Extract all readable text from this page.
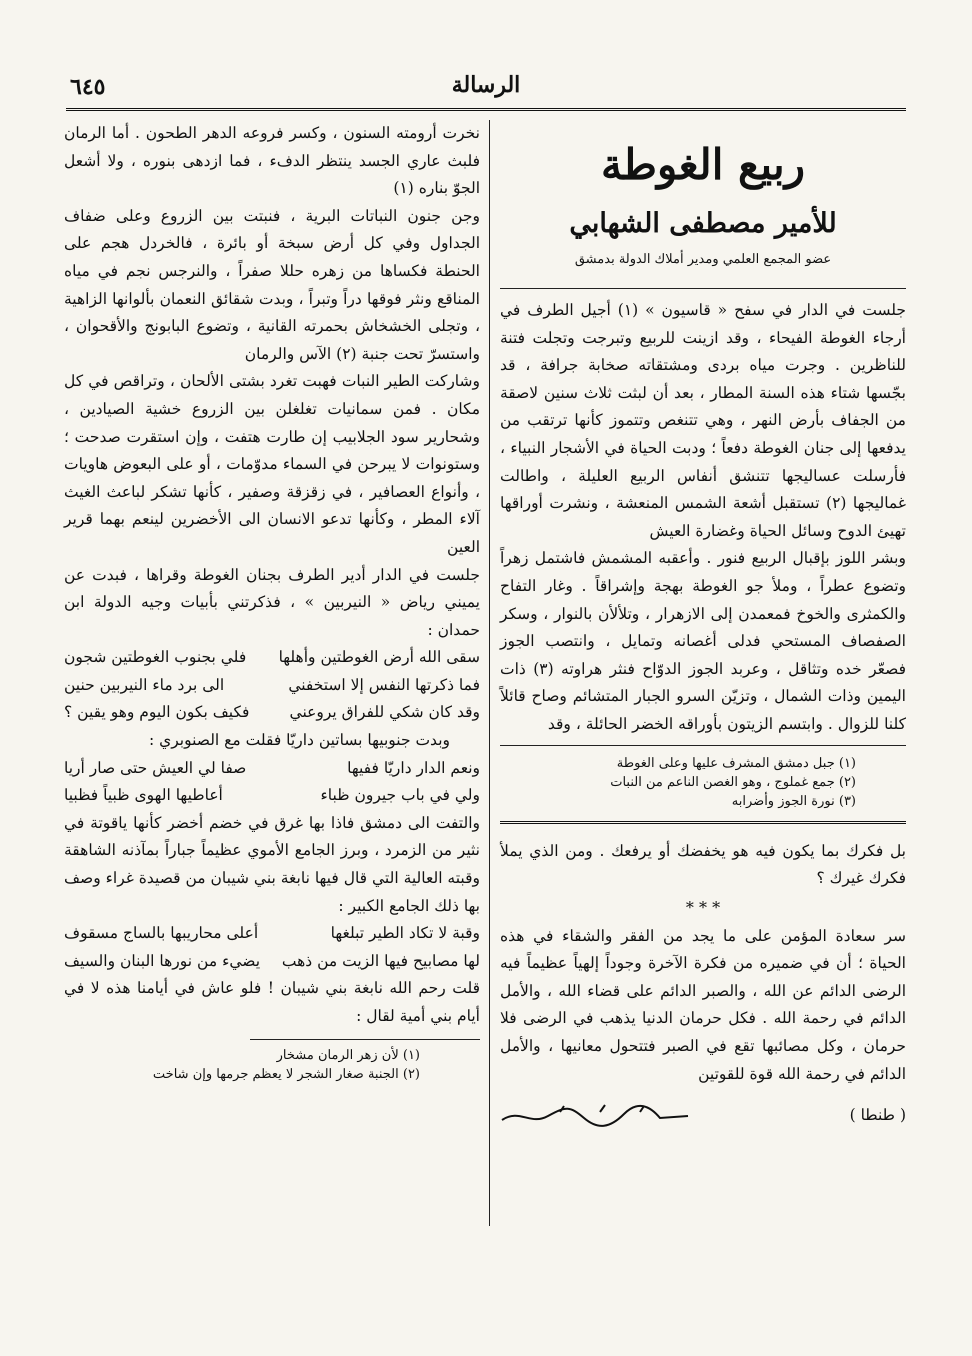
الرسالة
٦٤٥
ربيع الغوطة
للأمير مصطفى الشهابي
عضو المجمع العلمي ومدير أملاك الدولة بدمشق

جلست في الدار في سفح « قاسيون » (١) أجيل الطرف في أرجاء الغوطة الفيحاء ، وقد ازينت للربيع وتبرجت وتجلت فتنة للناظرين . وجرت مياه بردى ومشتقاته صخابة جرافة ، قد بجّسها شتاء هذه السنة المطار ، بعد أن لبثت ثلاث سنين لاصقة من الجفاف بأرض النهر ، وهي تتنغص وتتموز كأنها ترتقب من يدفعها إلى جنان الغوطة دفعاً ؛ ودبت الحياة في الأشجار النبياء ، فأرسلت عساليجها تتنشق أنفاس الربيع العليلة ، واطالت غماليجها (٢) تستقبل أشعة الشمس المنعشة ، ونشرت أوراقها تهيئ الدوح وسائل الحياة وغضارة العيش

وبشر اللوز بإقبال الربيع فنور . وأعقبه المشمش فاشتمل زهراً وتضوع عطراً ، وملأ جو الغوطة بهجة وإشراقاً . وغار التفاح والكمثرى والخوخ فمعمدن إلى الازهرار ، وتلألأن بالنوار ، وسكر الصفصاف المستحي فدلى أغصانه وتمايل ، وانتصب الجوز فصعّر خده وتثاقل ، وعربد الجوز الدوّاح فنثر هراوته (٣) ذات اليمين وذات الشمال ، وتزيّن السرو الجبار المتشائم وصاح قائلاً كلنا للزوال . وابتسم الزيتون بأوراقه الخضر الحائلة ، وقد

(١) جبل دمشق المشرف عليها وعلى الغوطة
(٢) جمع غملوج ، وهو الغصن الناعم من النبات
(٣) نورة الجوز وأضرابه

بل فكرك بما يكون فيه هو يخفضك أو يرفعك . ومن الذي يملأ فكرك غيرك ؟

* * *

سر سعادة المؤمن على ما يجد من الفقر والشقاء في هذه الحياة ؛ أن في ضميره من فكرة الآخرة وجوداً إلهياً عظيماً فيه الرضى الدائم عن الله ، والصبر الدائم على قضاء الله ، والأمل الدائم في رحمة الله . فكل حرمان الدنيا يذهب في الرضى فلا حرمان ، وكل مصائبها تقع في الصبر فتتحول معانيها ، والأمل الدائم في رحمة الله قوة للقوتين

( طنطا )

نخرت أرومته السنون ، وكسر فروعه الدهر الطحون . أما الرمان فلبث عاري الجسد ينتظر الدفء ، فما ازدهى بنوره ، ولا أشعل الجوّ بناره (١)

وجن جنون النباتات البرية ، فنبتت بين الزروع وعلى ضفاف الجداول وفي كل أرض سبخة أو بائرة ، فالخردل هجم على الحنطة فكساها من زهره حللا صفراً ، والنرجس نجم في مياه المناقع ونثر فوقها دراً وتبراً ، وبدت شقائق النعمان بألوانها الزاهية ، وتجلى الخشخاش بحمرته القانية ، وتضوع البابونج والأقحوان ، واستسرّ تحت جنبة (٢) الآس والرمان

وشاركت الطير النبات فهبت تغرد بشتى الألحان ، وتراقص في كل مكان . فمن سمانيات تغلغلن بين الزروع خشية الصيادين ، وشحارير سود الجلابيب إن طارت هتفت ، وإن استقرت صدحت ؛ وستونوات لا يبرحن في السماء مدوّمات ، أو على البعوض هاويات ، وأنواع العصافير ، في زقزقة وصفير ، كأنها تشكر لباعث الغيث آلاء المطر ، وكأنها تدعو الانسان الى الأخضرين لينعم بهما قرير العين

جلست في الدار أدير الطرف بجنان الغوطة وقراها ، فبدت عن يميني رياض « النيربين » ، فذكرتني بأبيات وجيه الدولة ابن حمدان :

سقى الله أرض الغوطتين وأهلها
فلي بجنوب الغوطتين شجون
فما ذكرتها النفس إلا استخفني
الى برد ماء النيربين حنين
وقد كان شكي للفراق يروعني
فكيف بكون اليوم وهو يقين ؟

وبدت جنوبيها بساتين داريّا فقلت مع الصنوبري :

ونعم الدار داريّا ففيها
صفا لي العيش حتى صار أريا
ولي في باب جيرون ظباء
أعاطيها الهوى ظبياً فظبيا

والتفت الى دمشق فاذا بها غرق في خضم أخضر كأنها ياقوتة في نثير من الزمرد ، وبرز الجامع الأموي عظيماً جباراً بمآذنه الشاهقة وقبته العالية التي قال فيها نابغة بني شيبان من قصيدة غراء وصف بها ذلك الجامع الكبير :

وقبة لا تكاد الطير تبلغها
أعلى محاريبها بالساج مسقوف
لها مصابيح فيها الزيت من ذهب
يضيء من نورها البنان والسيف

قلت رحم الله نابغة بني شيبان ! فلو عاش في أيامنا هذه لا في أيام بني أمية لقال :

(١) لأن زهر الرمان مشخار
(٢) الجنبة صغار الشجر لا يعظم جرمها وإن شاخت
